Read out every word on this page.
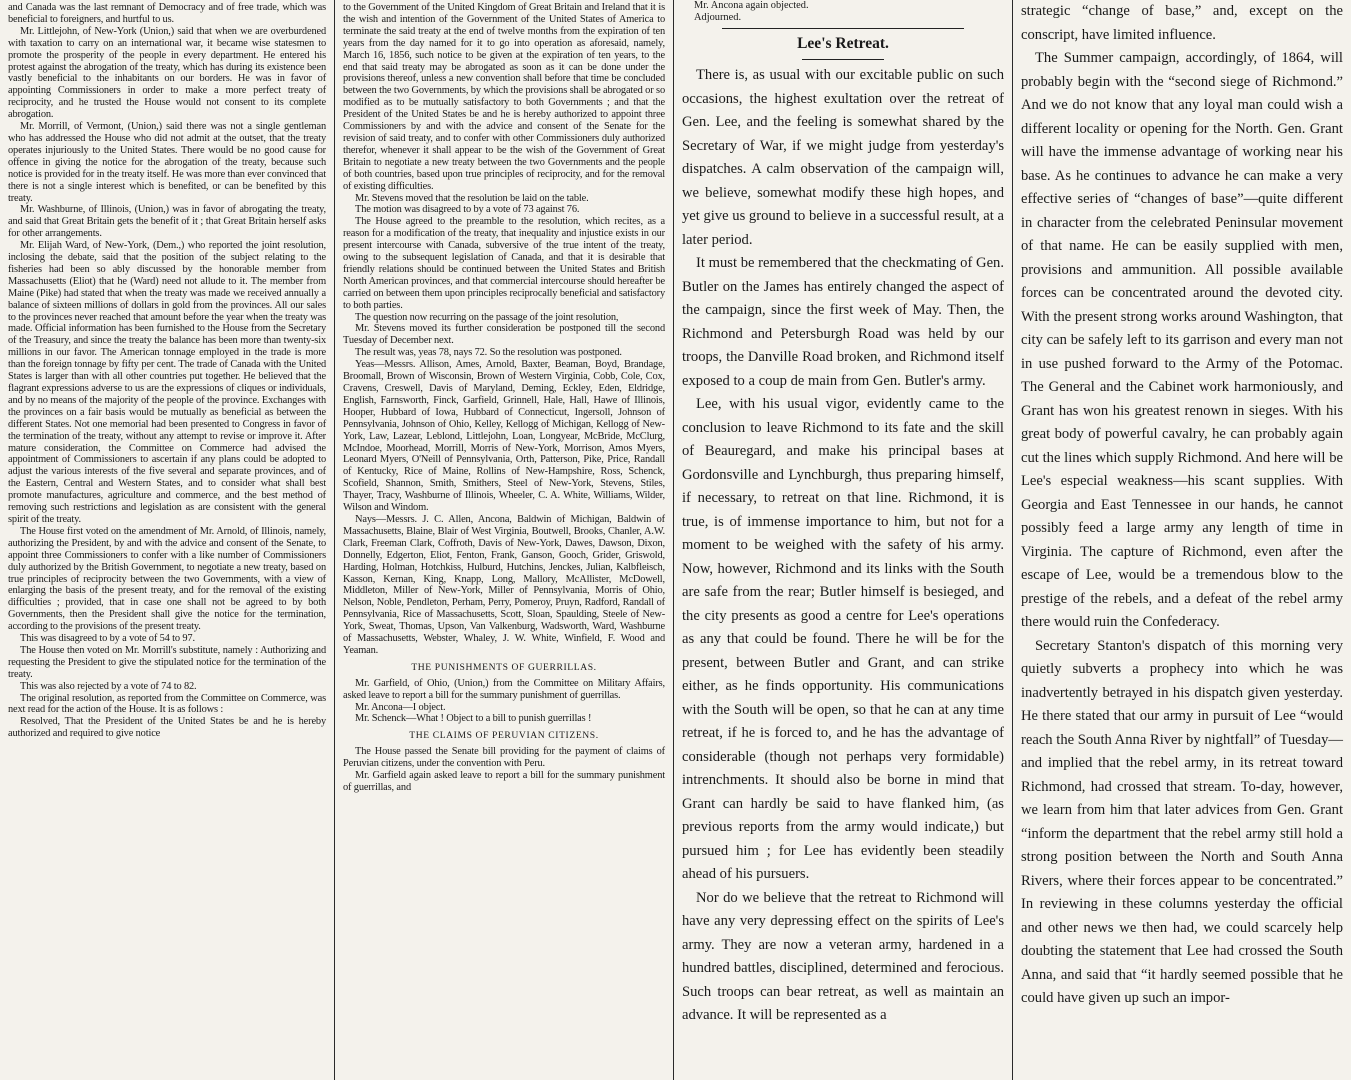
and Canada was the last remnant of Democracy and of free trade, which was beneficial to foreigners, and hurtful to us.

Mr. Littlejohn, of New-York (Union,) said that when we are overburdened with taxation to carry on an international war, it became wise statesmen to promote the prosperity of the people in every department. He entered his protest against the abrogation of the treaty, which has during its existence been vastly beneficial to the inhabitants on our borders. He was in favor of appointing Commissioners in order to make a more perfect treaty of reciprocity, and he trusted the House would not consent to its complete abrogation.

Mr. Morrill, of Vermont, (Union,) said there was not a single gentleman who has addressed the House who did not admit at the outset, that the treaty operates injuriously to the United States. There would be no good cause for offence in giving the notice for the abrogation of the treaty, because such notice is provided for in the treaty itself. He was more than ever convinced that there is not a single interest which is benefited, or can be benefited by this treaty.

Mr. Washburne, of Illinois, (Union,) was in favor of abrogating the treaty, and said that Great Britain gets the benefit of it ; that Great Britain herself asks for other arrangements.

Mr. Elijah Ward, of New-York, (Dem.,) who reported the joint resolution, inclosing the debate, said that the position of the subject relating to the fisheries had been so ably discussed by the honorable member from Massachusetts (Eliot) that he (Ward) need not allude to it. The member from Maine (Pike) had stated that when the treaty was made we received annually a balance of sixteen millions of dollars in gold from the provinces. All our sales to the provinces never reached that amount before the year when the treaty was made. Official information has been furnished to the House from the Secretary of the Treasury, and since the treaty the balance has been more than twenty-six millions in our favor. The American tonnage employed in the trade is more than the foreign tonnage by fifty per cent. The trade of Canada with the United States is larger than with all other countries put together. He believed that the flagrant expressions adverse to us are the expressions of cliques or individuals, and by no means of the majority of the people of the province. Exchanges with the provinces on a fair basis would be mutually as beneficial as between the different States. Not one memorial had been presented to Congress in favor of the termination of the treaty, without any attempt to revise or improve it. After mature consideration, the Committee on Commerce had advised the appointment of Commissioners to ascertain if any plans could be adopted to adjust the various interests of the five several and separate provinces, and of the Eastern, Central and Western States, and to consider what shall best promote manufactures, agriculture and commerce, and the best method of removing such restrictions and legislation as are consistent with the general spirit of the treaty.

The House first voted on the amendment of Mr. Arnold, of Illinois, namely, authorizing the President, by and with the advice and consent of the Senate, to appoint three Commissioners to confer with a like number of Commissioners duly authorized by the British Government, to negotiate a new treaty, based on true principles of reciprocity between the two Governments, with a view of enlarging the basis of the present treaty, and for the removal of the existing difficulties ; provided, that in case one shall not be agreed to by both Governments, then the President shall give the notice for the termination, according to the provisions of the present treaty.

This was disagreed to by a vote of 54 to 97.

The House then voted on Mr. Morrill's substitute, namely : Authorizing and requesting the President to give the stipulated notice for the termination of the treaty.

This was also rejected by a vote of 74 to 82.

The original resolution, as reported from the Committee on Commerce, was next read for the action of the House. It is as follows :

Resolved, That the President of the United States be and he is hereby authorized and required to give notice

to the Government of the United Kingdom of Great Britain and Ireland that it is the wish and intention of the Government of the United States of America to terminate the said treaty at the end of twelve months from the expiration of ten years from the day named for it to go into operation as aforesaid, namely, March 16, 1856, such notice to be given at the expiration of ten years, to the end that said treaty may be abrogated as soon as it can be done under the provisions thereof, unless a new convention shall before that time be concluded between the two Governments, by which the provisions shall be abrogated or so modified as to be mutually satisfactory to both Governments ; and that the President of the United States be and he is hereby authorized to appoint three Commissioners by and with the advice and consent of the Senate for the revision of said treaty, and to confer with other Commissioners duly authorized therefor, whenever it shall appear to be the wish of the Government of Great Britain to negotiate a new treaty between the two Governments and the people of both countries, based upon true principles of reciprocity, and for the removal of existing difficulties.

Mr. Stevens moved that the resolution be laid on the table.

The motion was disagreed to by a vote of 73 against 76.

The House agreed to the preamble to the resolution, which recites, as a reason for a modification of the treaty, that inequality and injustice exists in our present intercourse with Canada, subversive of the true intent of the treaty, owing to the subsequent legislation of Canada, and that it is desirable that friendly relations should be continued between the United States and British North American provinces, and that commercial intercourse should hereafter be carried on between them upon principles reciprocally beneficial and satisfactory to both parties.

The question now recurring on the passage of the joint resolution,

Mr. Stevens moved its further consideration be postponed till the second Tuesday of December next.

The result was, yeas 78, nays 72. So the resolution was postponed.

Yeas—Messrs. Allison, Ames, Arnold, Baxter, Beaman, Boyd, Brandage, Broomall, Brown of Wisconsin, Brown of Western Virginia, Cobb, Cole, Cox, Cravens, Creswell, Davis of Maryland, Deming, Eckley, Eden, Eldridge, English, Farnsworth, Finck, Garfield, Grinnell, Hale, Hall, Hawe of Illinois, Hooper, Hubbard of Iowa, Hubbard of Connecticut, Ingersoll, Johnson of Pennsylvania, Johnson of Ohio, Kelley, Kellogg of Michigan, Kellogg of New-York, Law, Lazear, Leblond, Littlejohn, Loan, Longyear, McBride, McClurg, McIndoe, Moorhead, Morrill, Morris of New-York, Morrison, Amos Myers, Leonard Myers, O'Neill of Pennsylvania, Orth, Patterson, Pike, Price, Randall of Kentucky, Rice of Maine, Rollins of New-Hampshire, Ross, Schenck, Scofield, Shannon, Smith, Smithers, Steel of New-York, Stevens, Stiles, Thayer, Tracy, Washburne of Illinois, Wheeler, C. A. White, Williams, Wilder, Wilson and Windom.

Nays—Messrs. J. C. Allen, Ancona, Baldwin of Michigan, Baldwin of Massachusetts, Blaine, Blair of West Virginia, Boutwell, Brooks, Chanler, A.W. Clark, Freeman Clark, Coffroth, Davis of New-York, Dawes, Dawson, Dixon, Donnelly, Edgerton, Eliot, Fenton, Frank, Ganson, Gooch, Grider, Griswold, Harding, Holman, Hotchkiss, Hulburd, Hutchins, Jenckes, Julian, Kalbfleisch, Kasson, Kernan, King, Knapp, Long, Mallory, McAllister, McDowell, Middleton, Miller of New-York, Miller of Pennsylvania, Morris of Ohio, Nelson, Noble, Pendleton, Perham, Perry, Pomeroy, Pruyn, Radford, Randall of Pennsylvania, Rice of Massachusetts, Scott, Sloan, Spaulding, Steele of New-York, Sweat, Thomas, Upson, Van Valkenburg, Wadsworth, Ward, Washburne of Massachusetts, Webster, Whaley, J. W. White, Winfield, F. Wood and Yeaman.

THE PUNISHMENTS OF GUERRILLAS.

Mr. Garfield, of Ohio, (Union,) from the Committee on Military Affairs, asked leave to report a bill for the summary punishment of guerrillas.

Mr. Ancona—I object.

Mr. Schenck—What ! Object to a bill to punish guerrillas !

THE CLAIMS OF PERUVIAN CITIZENS.

The House passed the Senate bill providing for the payment of claims of Peruvian citizens, under the convention with Peru.

Mr. Garfield again asked leave to report a bill for the summary punishment of guerrillas, and

Mr. Ancona again objected.

Adjourned.

Lee's Retreat.

There is, as usual with our excitable public on such occasions, the highest exultation over the retreat of Gen. Lee, and the feeling is somewhat shared by the Secretary of War, if we might judge from yesterday's dispatches. A calm observation of the campaign will, we believe, somewhat modify these high hopes, and yet give us ground to believe in a successful result, at a later period.

It must be remembered that the checkmating of Gen. Butler on the James has entirely changed the aspect of the campaign, since the first week of May. Then, the Richmond and Petersburgh Road was held by our troops, the Danville Road broken, and Richmond itself exposed to a coup de main from Gen. Butler's army.

Lee, with his usual vigor, evidently came to the conclusion to leave Richmond to its fate and the skill of Beauregard, and make his principal bases at Gordonsville and Lynchburgh, thus preparing himself, if necessary, to retreat on that line. Richmond, it is true, is of immense importance to him, but not for a moment to be weighed with the safety of his army. Now, however, Richmond and its links with the South are safe from the rear; Butler himself is besieged, and the city presents as good a centre for Lee's operations as any that could be found. There he will be for the present, between Butler and Grant, and can strike either, as he finds opportunity. His communications with the South will be open, so that he can at any time retreat, if he is forced to, and he has the advantage of considerable (though not perhaps very formidable) intrenchments. It should also be borne in mind that Grant can hardly be said to have flanked him, (as previous reports from the army would indicate,) but pursued him ; for Lee has evidently been steadily ahead of his pursuers.

Nor do we believe that the retreat to Richmond will have any very depressing effect on the spirits of Lee's army. They are now a veteran army, hardened in a hundred battles, disciplined, determined and ferocious. Such troops can bear retreat, as well as maintain an advance. It will be represented as a

strategic “change of base,” and, except on the conscript, have limited influence.

The Summer campaign, accordingly, of 1864, will probably begin with the “second siege of Richmond.” And we do not know that any loyal man could wish a different locality or opening for the North. Gen. Grant will have the immense advantage of working near his base. As he continues to advance he can make a very effective series of “changes of base”—quite different in character from the celebrated Peninsular movement of that name. He can be easily supplied with men, provisions and ammunition. All possible available forces can be concentrated around the devoted city. With the present strong works around Washington, that city can be safely left to its garrison and every man not in use pushed forward to the Army of the Potomac. The General and the Cabinet work harmoniously, and Grant has won his greatest renown in sieges. With his great body of powerful cavalry, he can probably again cut the lines which supply Richmond. And here will be Lee's especial weakness—his scant supplies. With Georgia and East Tennessee in our hands, he cannot possibly feed a large army any length of time in Virginia. The capture of Richmond, even after the escape of Lee, would be a tremendous blow to the prestige of the rebels, and a defeat of the rebel army there would ruin the Confederacy.

Secretary Stanton's dispatch of this morning very quietly subverts a prophecy into which he was inadvertently betrayed in his dispatch given yesterday. He there stated that our army in pursuit of Lee “would reach the South Anna River by nightfall” of Tuesday—and implied that the rebel army, in its retreat toward Richmond, had crossed that stream. To-day, however, we learn from him that later advices from Gen. Grant “inform the department that the rebel army still hold a strong position between the North and South Anna Rivers, where their forces appear to be concentrated.” In reviewing in these columns yesterday the official and other news we then had, we could scarcely help doubting the statement that Lee had crossed the South Anna, and said that “it hardly seemed possible that he could have given up such an impor-
